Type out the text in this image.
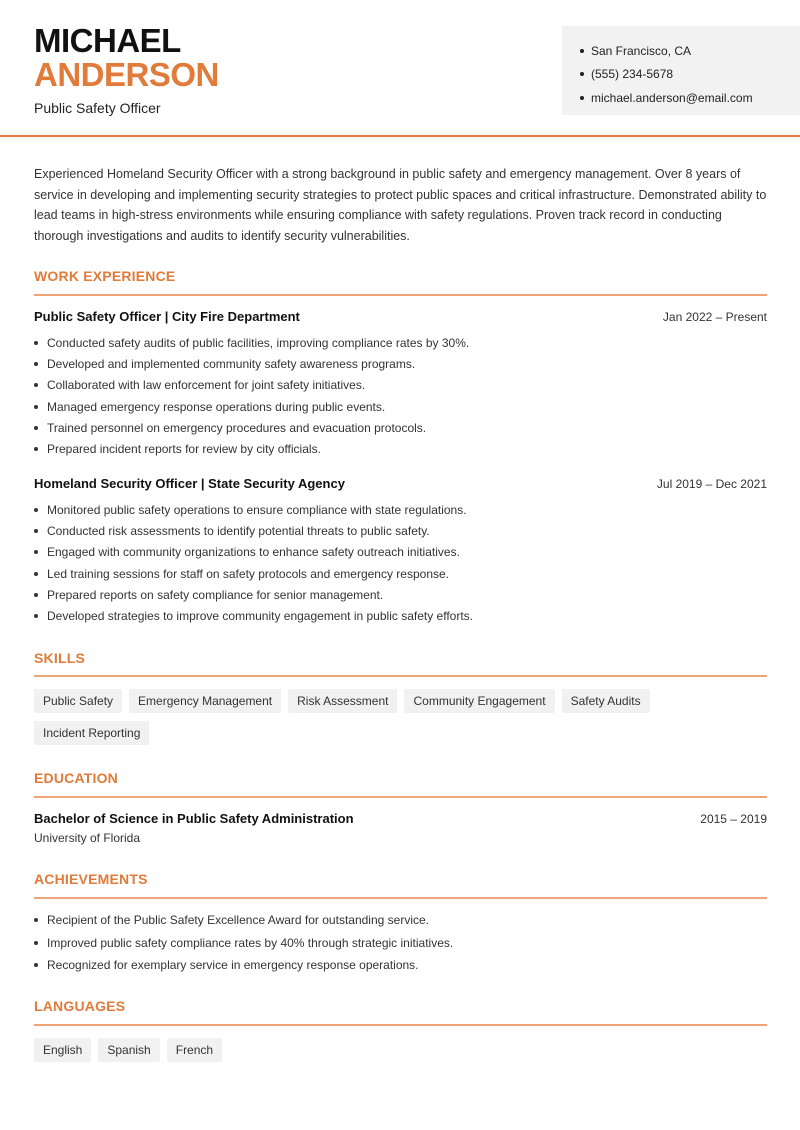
MICHAEL
ANDERSON
Public Safety Officer
San Francisco, CA
(555) 234-5678
michael.anderson@email.com

Experienced Homeland Security Officer with a strong background in public safety and emergency management. Over 8 years of service in developing and implementing security strategies to protect public spaces and critical infrastructure. Demonstrated ability to lead teams in high-stress environments while ensuring compliance with safety regulations. Proven track record in conducting thorough investigations and audits to identify security vulnerabilities.

WORK EXPERIENCE
Public Safety Officer | City Fire Department	Jan 2022 – Present
Conducted safety audits of public facilities, improving compliance rates by 30%.
Developed and implemented community safety awareness programs.
Collaborated with law enforcement for joint safety initiatives.
Managed emergency response operations during public events.
Trained personnel on emergency procedures and evacuation protocols.
Prepared incident reports for review by city officials.
Homeland Security Officer | State Security Agency	Jul 2019 – Dec 2021
Monitored public safety operations to ensure compliance with state regulations.
Conducted risk assessments to identify potential threats to public safety.
Engaged with community organizations to enhance safety outreach initiatives.
Led training sessions for staff on safety protocols and emergency response.
Prepared reports on safety compliance for senior management.
Developed strategies to improve community engagement in public safety efforts.
SKILLS
Public Safety	Emergency Management	Risk Assessment	Community Engagement	Safety Audits
Incident Reporting
EDUCATION
Bachelor of Science in Public Safety Administration	2015 – 2019
University of Florida
ACHIEVEMENTS
Recipient of the Public Safety Excellence Award for outstanding service.
Improved public safety compliance rates by 40% through strategic initiatives.
Recognized for exemplary service in emergency response operations.
LANGUAGES
English	Spanish	French
